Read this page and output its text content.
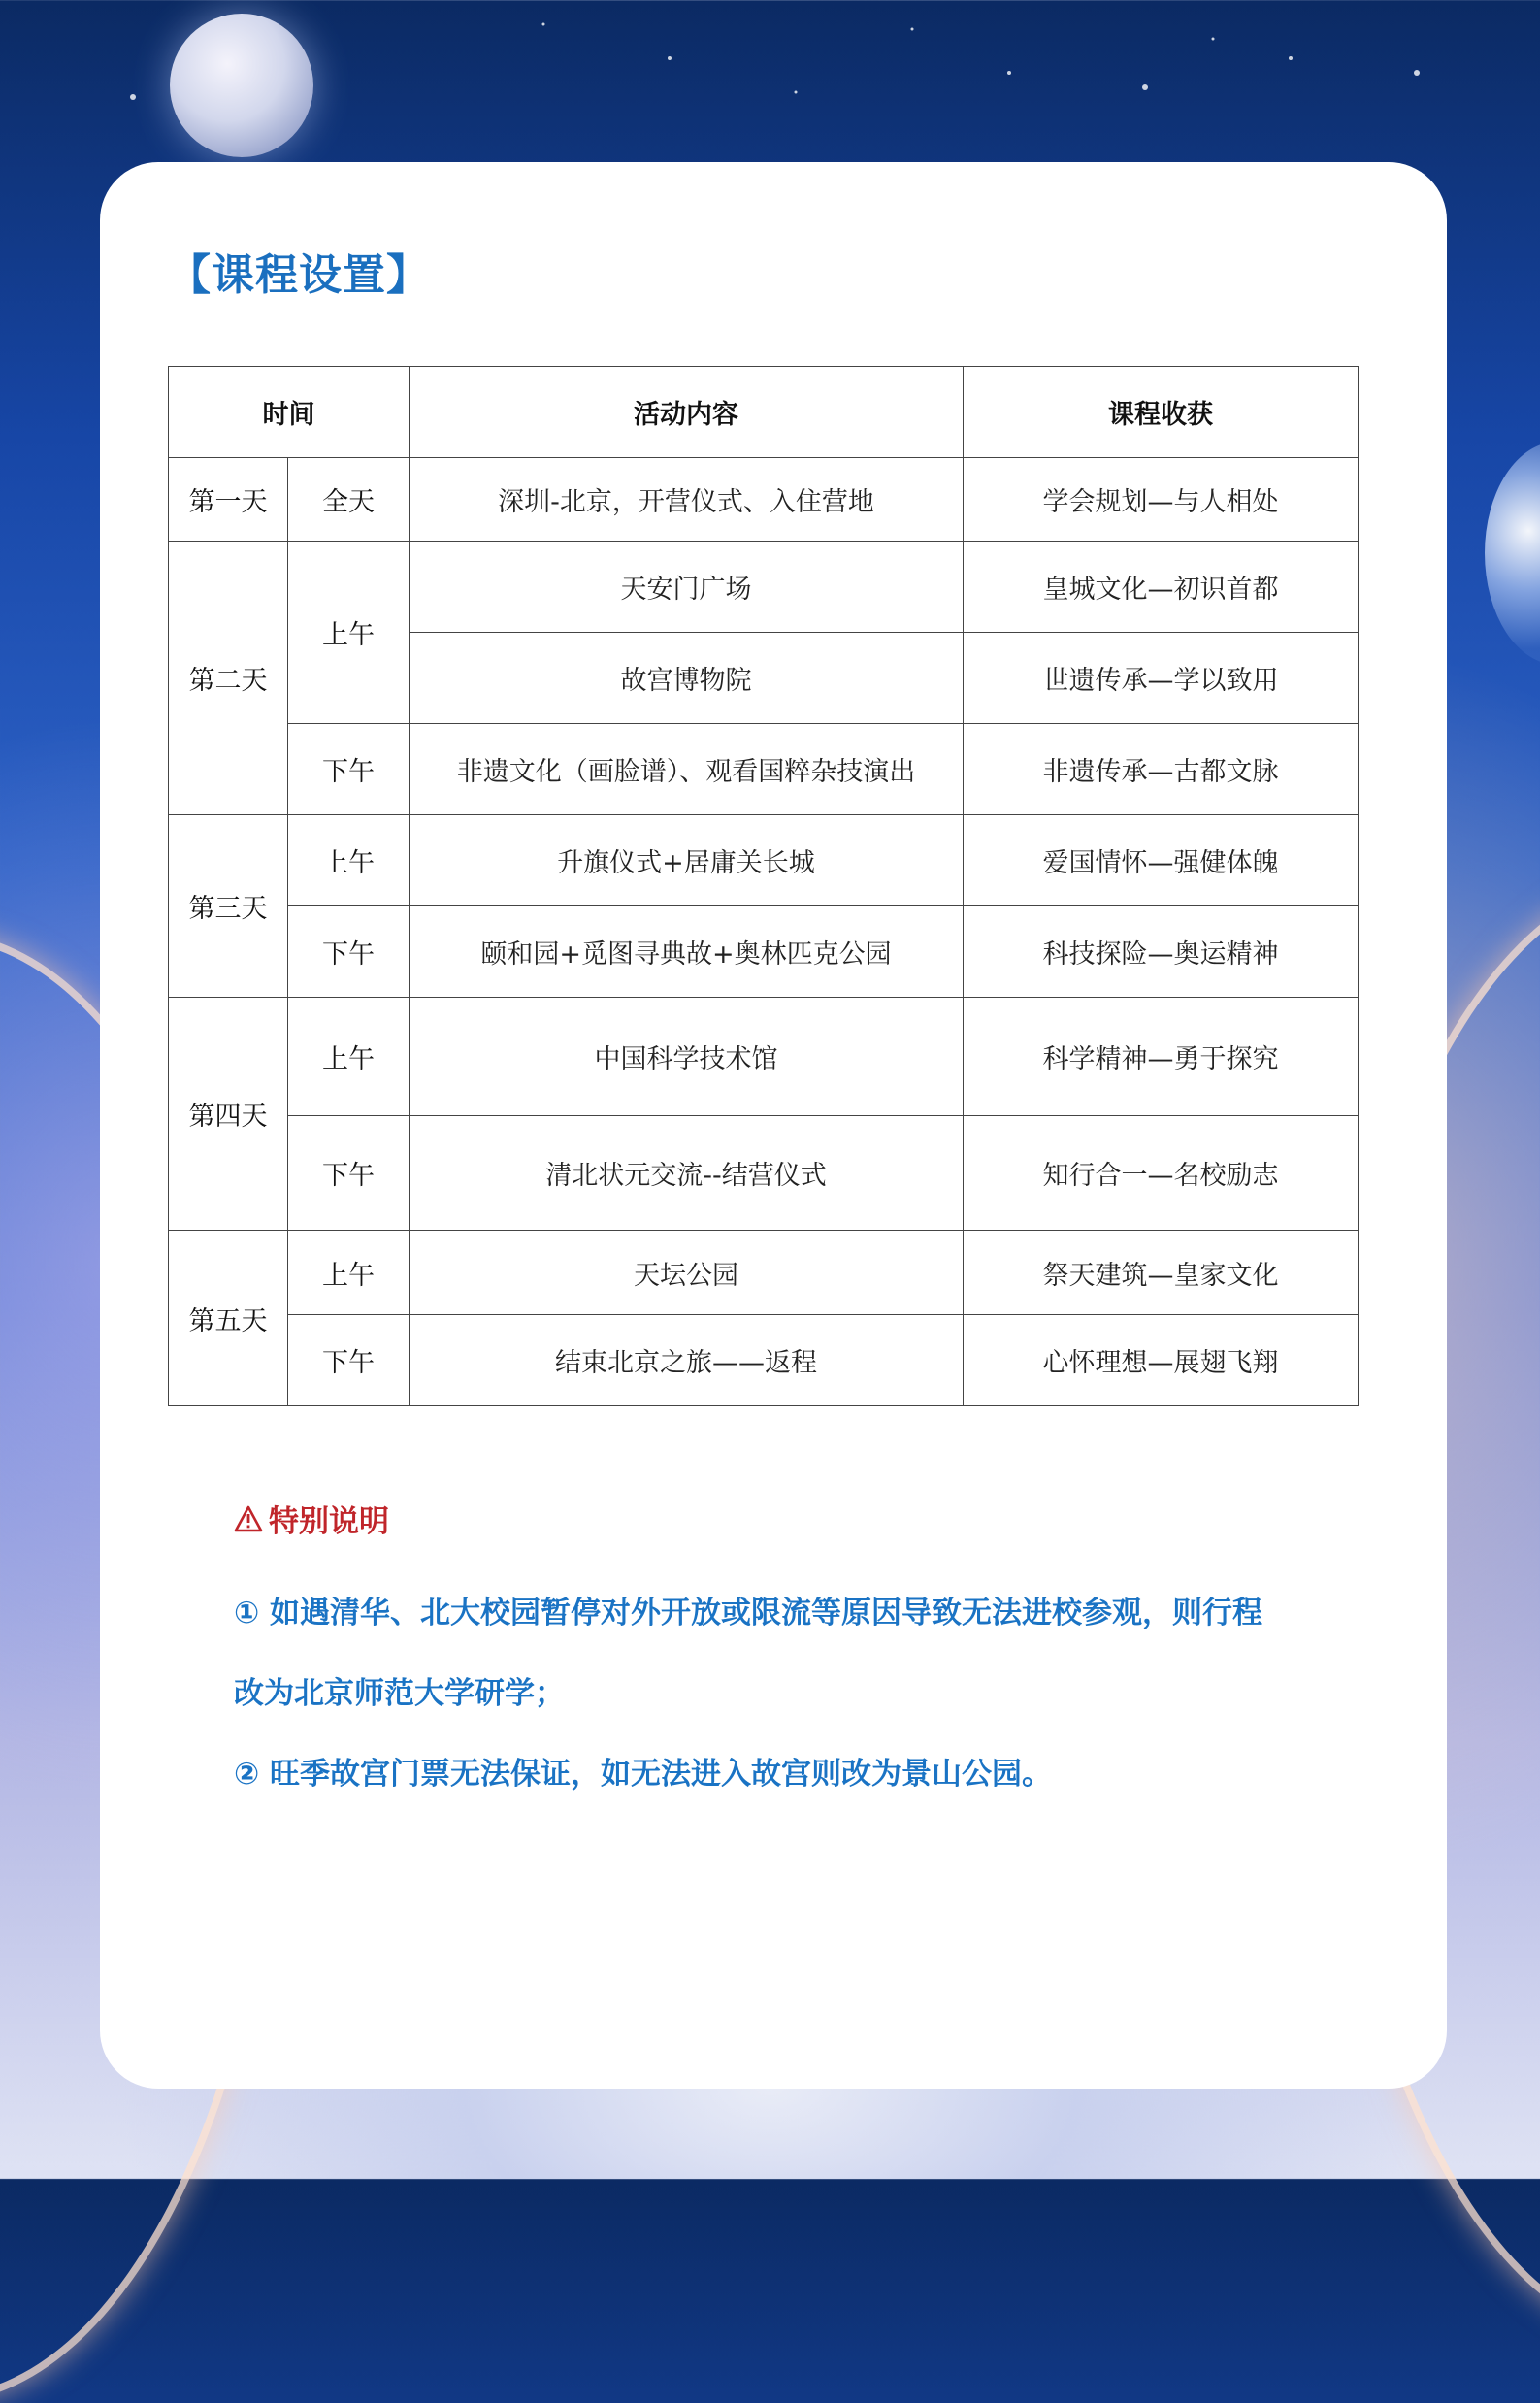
【课程设置】
时间		活动内容	课程收获
第一天	全天	深圳-北京，开营仪式、入住营地	学会规划—与人相处
第二天	上午	天安门广场	皇城文化—初识首都
		故宫博物院	世遗传承—学以致用
	下午	非遗文化（画脸谱）、观看国粹杂技演出	非遗传承—古都文脉
第三天	上午	升旗仪式+居庸关长城	爱国情怀—强健体魄
	下午	颐和园+觅图寻典故+奥林匹克公园	科技探险—奥运精神
第四天	上午	中国科学技术馆	科学精神—勇于探究
	下午	清北状元交流--结营仪式	知行合一—名校励志
第五天	上午	天坛公园	祭天建筑—皇家文化
	下午	结束北京之旅——返程	心怀理想—展翅飞翔

特别说明

① 如遇清华、北大校园暂停对外开放或限流等原因导致无法进校参观，则行程

改为北京师范大学研学；

② 旺季故宫门票无法保证，如无法进入故宫则改为景山公园。
